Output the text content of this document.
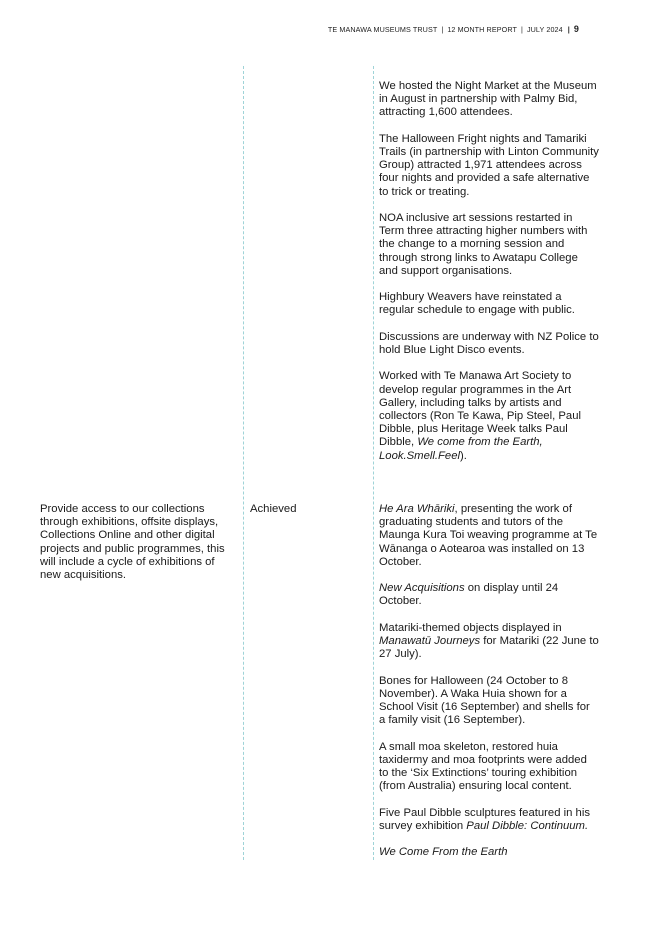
TE MANAWA MUSEUMS TRUST | 12 MONTH REPORT | JULY 2024 | 9

We hosted the Night Market at the Museum in August in partnership with Palmy Bid, attracting 1,600 attendees.

The Halloween Fright nights and Tamariki Trails (in partnership with Linton Community Group) attracted 1,971 attendees across four nights and provided a safe alternative to trick or treating.

NOA inclusive art sessions restarted in Term three attracting higher numbers with the change to a morning session and through strong links to Awatapu College and support organisations.

Highbury Weavers have reinstated a regular schedule to engage with public.

Discussions are underway with NZ Police to hold Blue Light Disco events.

Worked with Te Manawa Art Society to develop regular programmes in the Art Gallery, including talks by artists and collectors (Ron Te Kawa, Pip Steel, Paul Dibble, plus Heritage Week talks Paul Dibble, We come from the Earth, Look.Smell.Feel).

Provide access to our collections through exhibitions, offsite displays, Collections Online and other digital projects and public programmes, this will include a cycle of exhibitions of new acquisitions.

Achieved	He Ara Whāriki, presenting the work of graduating students and tutors of the Maunga Kura Toi weaving programme at Te Wānanga o Aotearoa was installed on 13 October.

New Acquisitions on display until 24 October.

Matariki-themed objects displayed in Manawatū Journeys for Matariki (22 June to 27 July).

Bones for Halloween (24 October to 8 November). A Waka Huia shown for a School Visit (16 September) and shells for a family visit (16 September).

A small moa skeleton, restored huia taxidermy and moa footprints were added to the ‘Six Extinctions’ touring exhibition (from Australia) ensuring local content.

Five Paul Dibble sculptures featured in his survey exhibition Paul Dibble: Continuum.

We Come From the Earth
